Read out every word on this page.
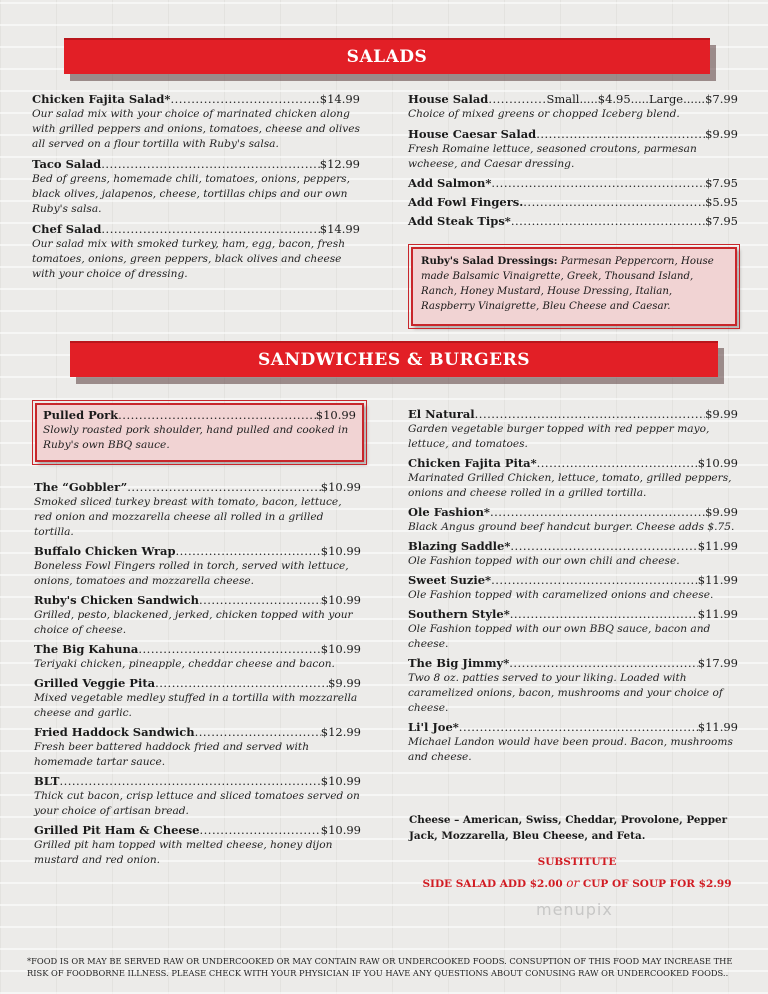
SALADS
Chicken Fajita Salad* .....	$14.99
Our salad mix with your choice of marinated chicken along with grilled peppers and onions, tomatoes, cheese and olives all served on a flour tortilla with Ruby's salsa.
Taco Salad .....	$12.99
Bed of greens, homemade chili, tomatoes, onions, peppers, black olives, jalapenos, cheese, tortillas chips and our own Ruby's salsa.
Chef Salad .....	$14.99
Our salad mix with smoked turkey, ham, egg, bacon, fresh tomatoes, onions, green peppers, black olives and cheese with your choice of dressing.
House Salad .....	Small.....$4.95.....Large...... $7.99
Choice of mixed greens or chopped Iceberg blend.
House Caesar Salad .....	$9.99
Fresh Romaine lettuce, seasoned croutons, parmesan wcheese, and Caesar dressing.
Add Salmon* .....	$7.95
Add Fowl Fingers. .....	$5.95
Add Steak Tips* .....	$7.95
Ruby's Salad Dressings: Parmesan Peppercorn, House made Balsamic Vinaigrette, Greek, Thousand Island, Ranch, Honey Mustard, House Dressing, Italian, Raspberry Vinaigrette, Bleu Cheese and Caesar.
SANDWICHES & BURGERS
Pulled Pork .....	$10.99
Slowly roasted pork shoulder, hand pulled and cooked in Ruby's own BBQ sauce.
The “Gobbler” .....	$10.99
Smoked sliced turkey breast with tomato, bacon, lettuce, red onion and mozzarella cheese all rolled in a grilled tortilla.
Buffalo Chicken Wrap .....	$10.99
Boneless Fowl Fingers rolled in torch, served with lettuce, onions, tomatoes and mozzarella cheese.
Ruby's Chicken Sandwich .....	$10.99
Grilled, pesto, blackened, jerked, chicken topped with your choice of cheese.
The Big Kahuna .....	$10.99
Teriyaki chicken, pineapple, cheddar cheese and bacon.
Grilled Veggie Pita .....	$9.99
Mixed vegetable medley stuffed in a tortilla with mozzarella cheese and garlic.
Fried Haddock Sandwich .....	$12.99
Fresh beer battered haddock fried and served with homemade tartar sauce.
BLT .....	$10.99
Thick cut bacon, crisp lettuce and sliced tomatoes served on your choice of artisan bread.
Grilled Pit Ham & Cheese .....	$10.99
Grilled pit ham topped with melted cheese, honey dijon mustard and red onion.
El Natural .....	$9.99
Garden vegetable burger topped with red pepper mayo, lettuce, and tomatoes.
Chicken Fajita Pita* .....	$10.99
Marinated Grilled Chicken, lettuce, tomato, grilled peppers, onions and cheese rolled in a grilled tortilla.
Ole Fashion* .....	$9.99
Black Angus ground beef handcut burger. Cheese adds $.75.
Blazing Saddle* .....	$11.99
Ole Fashion topped with our own chili and cheese.
Sweet Suzie* .....	$11.99
Ole Fashion topped with caramelized onions and cheese.
Southern Style* .....	$11.99
Ole Fashion topped with our own BBQ sauce, bacon and cheese.
The Big Jimmy* .....	$17.99
Two 8 oz. patties served to your liking. Loaded with caramelized onions, bacon, mushrooms and your choice of cheese.
Li'l Joe* .....	$11.99
Michael Landon would have been proud. Bacon, mushrooms and cheese.
Cheese – American, Swiss, Cheddar, Provolone, Pepper Jack, Mozzarella, Bleu Cheese, and Feta.
SUBSTITUTE
SIDE SALAD ADD $2.00 or CUP OF SOUP FOR $2.99
menupix
*FOOD IS OR MAY BE SERVED RAW OR UNDERCOOKED OR MAY CONTAIN RAW OR UNDERCOOKED FOODS. CONSUPTION OF THIS FOOD MAY INCREASE THE RISK OF FOODBORNE ILLNESS. PLEASE CHECK WITH YOUR PHYSICIAN IF YOU HAVE ANY QUESTIONS ABOUT CONUSING RAW OR UNDERCOOKED FOODS..
